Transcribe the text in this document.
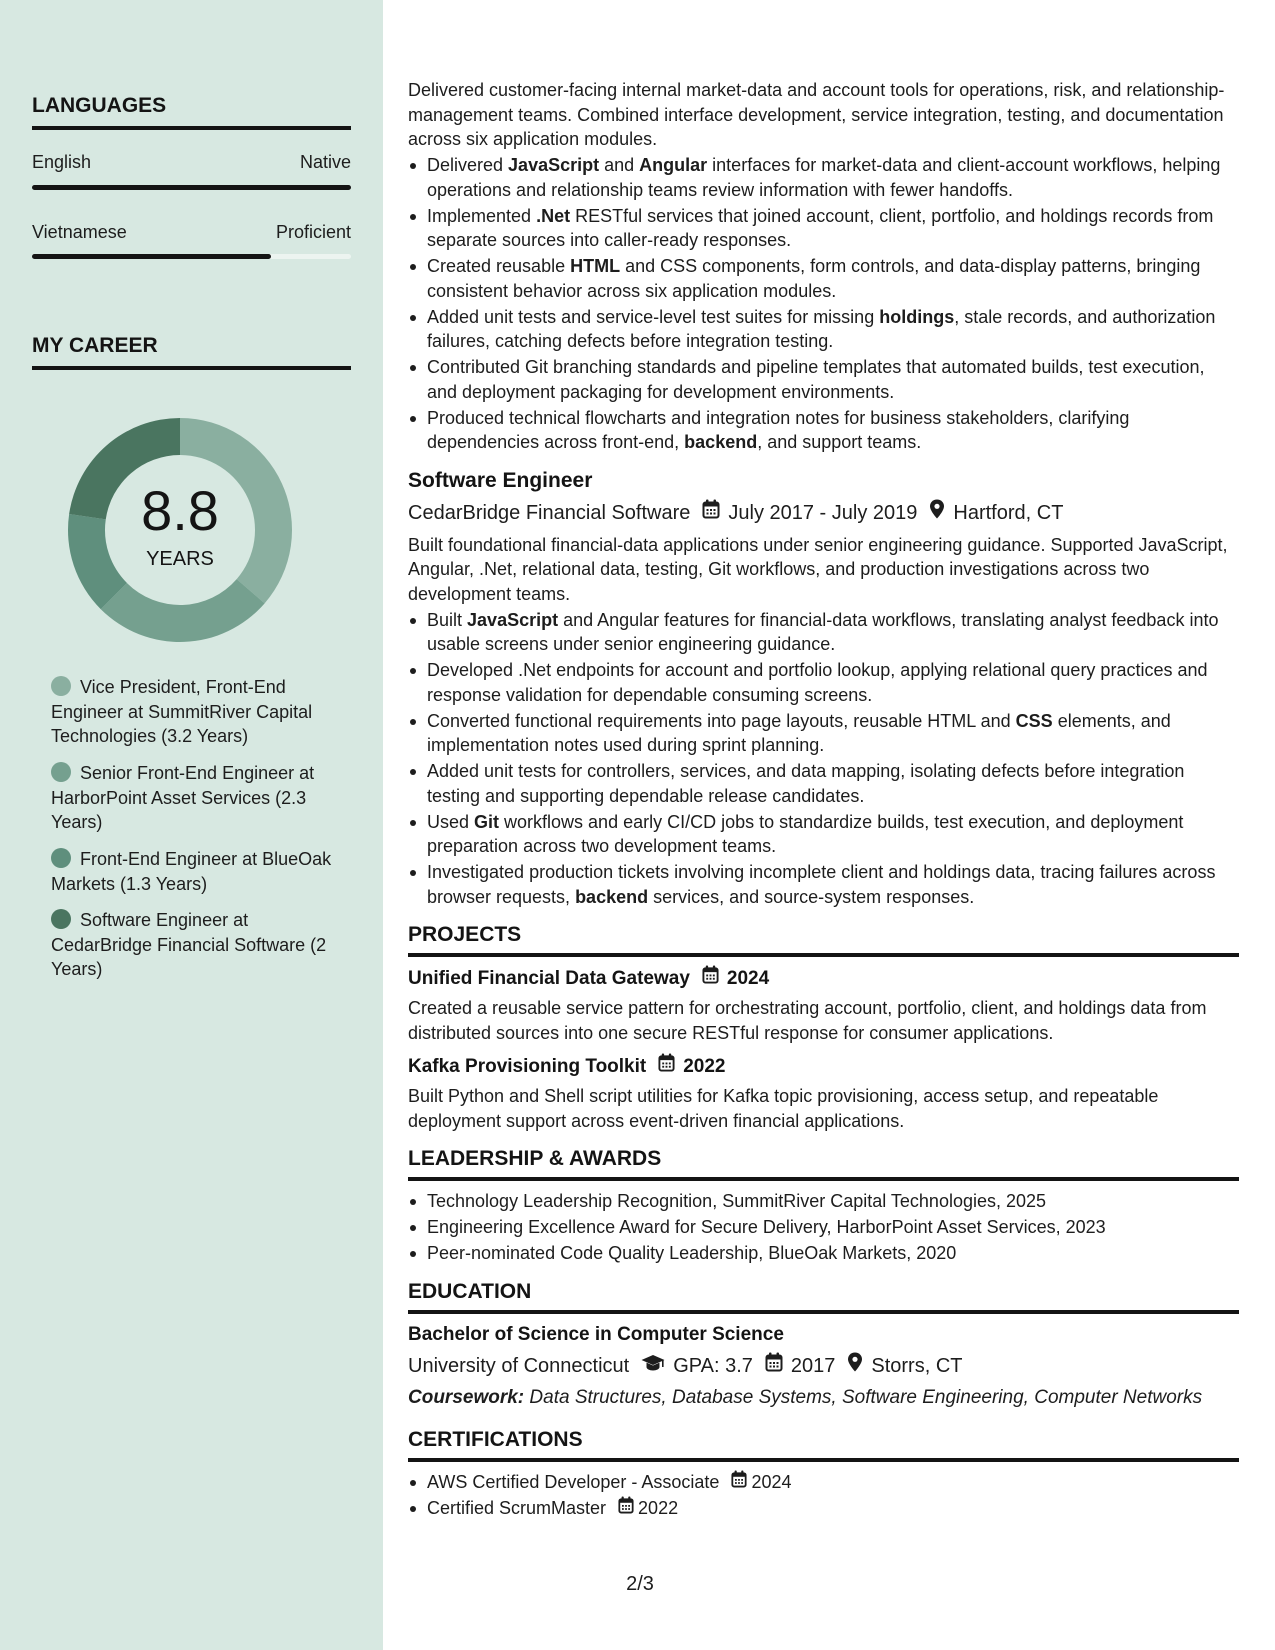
LANGUAGES
English	Native
Vietnamese	Proficient
MY CAREER
8.8
YEARS
Vice President, Front-End Engineer at SummitRiver Capital Technologies (3.2 Years)
Senior Front-End Engineer at HarborPoint Asset Services (2.3 Years)
Front-End Engineer at BlueOak Markets (1.3 Years)
Software Engineer at CedarBridge Financial Software (2 Years)

Delivered customer-facing internal market-data and account tools for operations, risk, and relationship-management teams. Combined interface development, service integration, testing, and documentation across six application modules.

Delivered JavaScript and Angular interfaces for market-data and client-account workflows, helping operations and relationship teams review information with fewer handoffs.
Implemented .Net RESTful services that joined account, client, portfolio, and holdings records from separate sources into caller-ready responses.
Created reusable HTML and CSS components, form controls, and data-display patterns, bringing consistent behavior across six application modules.
Added unit tests and service-level test suites for missing holdings, stale records, and authorization failures, catching defects before integration testing.
Contributed Git branching standards and pipeline templates that automated builds, test execution, and deployment packaging for development environments.
Produced technical flowcharts and integration notes for business stakeholders, clarifying dependencies across front-end, backend, and support teams.
Software Engineer
CedarBridge Financial Software July 2017 - July 2019 Hartford, CT

Built foundational financial-data applications under senior engineering guidance. Supported JavaScript, Angular, .Net, relational data, testing, Git workflows, and production investigations across two development teams.

Built JavaScript and Angular features for financial-data workflows, translating analyst feedback into usable screens under senior engineering guidance.
Developed .Net endpoints for account and portfolio lookup, applying relational query practices and response validation for dependable consuming screens.
Converted functional requirements into page layouts, reusable HTML and CSS elements, and implementation notes used during sprint planning.
Added unit tests for controllers, services, and data mapping, isolating defects before integration testing and supporting dependable release candidates.
Used Git workflows and early CI/CD jobs to standardize builds, test execution, and deployment preparation across two development teams.
Investigated production tickets involving incomplete client and holdings data, tracing failures across browser requests, backend services, and source-system responses.
PROJECTS
Unified Financial Data Gateway 2024

Created a reusable service pattern for orchestrating account, portfolio, client, and holdings data from distributed sources into one secure RESTful response for consumer applications.

Kafka Provisioning Toolkit 2022

Built Python and Shell script utilities for Kafka topic provisioning, access setup, and repeatable deployment support across event-driven financial applications.

LEADERSHIP & AWARDS
Technology Leadership Recognition, SummitRiver Capital Technologies, 2025
Engineering Excellence Award for Secure Delivery, HarborPoint Asset Services, 2023
Peer-nominated Code Quality Leadership, BlueOak Markets, 2020
EDUCATION
Bachelor of Science in Computer Science
University of Connecticut GPA: 3.7 2017 Storrs, CT
Coursework: Data Structures, Database Systems, Software Engineering, Computer Networks
CERTIFICATIONS
AWS Certified Developer - Associate 2024
Certified ScrumMaster 2022
2/3
